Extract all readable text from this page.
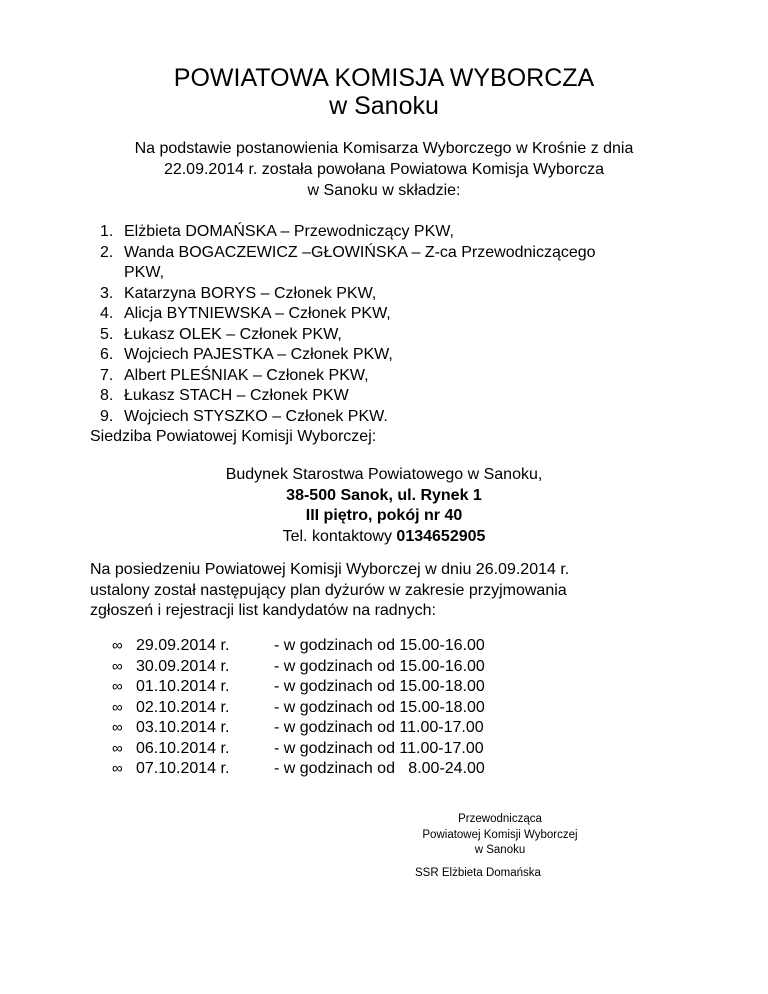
POWIATOWA KOMISJA WYBORCZA
w Sanoku
Na podstawie postanowienia Komisarza Wyborczego w Krośnie z dnia
22.09.2014 r. została powołana Powiatowa Komisja Wyborcza
w Sanoku w składzie:
1. Elżbieta DOMAŃSKA – Przewodniczący PKW,
2. Wanda BOGACZEWICZ –GŁOWIŃSKA – Z-ca Przewodniczącego
PKW,
3. Katarzyna BORYS – Członek PKW,
4. Alicja BYTNIEWSKA – Członek PKW,
5. Łukasz OLEK – Członek PKW,
6. Wojciech PAJESTKA – Członek PKW,
7. Albert PLEŚNIAK – Członek PKW,
8. Łukasz STACH – Członek PKW
9. Wojciech STYSZKO – Członek PKW.
Siedziba Powiatowej Komisji Wyborczej:
Budynek Starostwa Powiatowego w Sanoku,
38-500 Sanok, ul. Rynek 1
III piętro, pokój nr 40
Tel. kontaktowy 0134652905
Na posiedzeniu Powiatowej Komisji Wyborczej w dniu 26.09.2014 r.
ustalony został następujący plan dyżurów w zakresie przyjmowania
zgłoszeń i rejestracji list kandydatów na radnych:
∞ 29.09.2014 r.	- w godzinach od 15.00-16.00
∞ 30.09.2014 r.	- w godzinach od 15.00-16.00
∞ 01.10.2014 r.	- w godzinach od 15.00-18.00
∞ 02.10.2014 r.	- w godzinach od 15.00-18.00
∞ 03.10.2014 r.	- w godzinach od 11.00-17.00
∞ 06.10.2014 r.	- w godzinach od 11.00-17.00
∞ 07.10.2014 r.	- w godzinach od   8.00-24.00
Przewodnicząca
Powiatowej Komisji Wyborczej
w Sanoku
SSR Elżbieta Domańska
